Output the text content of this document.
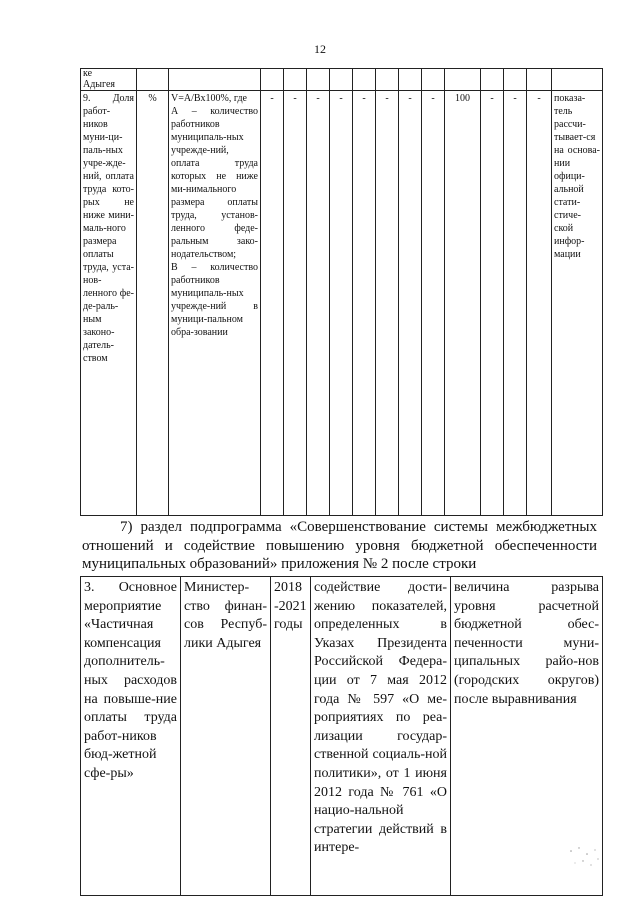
12
ке
Адыгея															
9. Доля работ-ников муни-ци-паль-ных учре-жде-ний, оплата труда кото-рых не ниже мини-маль-ного размера оплаты труда, уста-нов-ленного фе-де-раль-ным законо-датель-ством	%	V=A/Bx100%, где
А – количество работников муниципаль-ных учрежде-ний, оплата труда которых не ниже ми-нимального размера оплаты труда, установ-ленного феде-ральным зако-нодательством;
В – количество работников муниципаль-ных учрежде-ний в муници-пальном обра-зовании	-	-	-	-	-	-	-	-	100	-	-	-	показа-тель рассчи-тывает-ся на основа-нии офици-альной стати-стиче-ской инфор-мации
7) раздел подпрограмма «Совершенствование системы межбюджетных отношений и содействие повышению уровня бюджетной обеспеченности муниципальных образований» приложения № 2 после строки
3. Основное мероприятие «Частичная компенсация дополнитель-ных расходов на повыше-ние оплаты труда работ-ников бюд-жетной сфе-ры»	Министер-ство финан-сов Респуб-лики Адыгея	2018 -2021 годы	содействие дости-жению показателей, определенных в Указах Президента Российской Федера-ции от 7 мая 2012 года № 597 «О ме-роприятиях по реа-лизации государ-ственной социаль-ной политики», от 1 июня 2012 года № 761 «О нацио-нальной стратегии действий в интере-	величина разрыва уровня расчетной бюджетной обес-печенности муни-ципальных райо-нов (городских округов) после выравнивания
